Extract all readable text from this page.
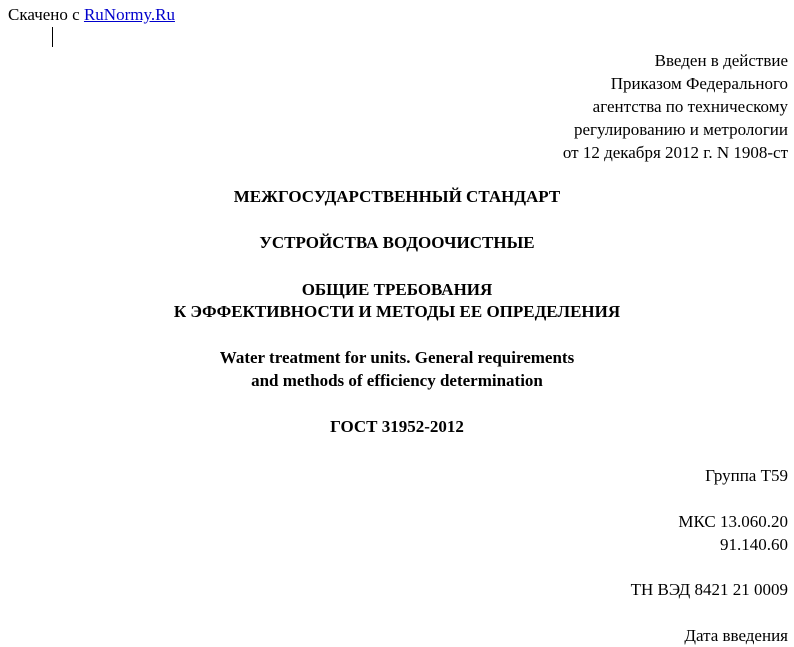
Скачено с RuNormy.Ru
Введен в действие
Приказом Федерального
агентства по техническому
регулированию и метрологии
от 12 декабря 2012 г. N 1908-ст
МЕЖГОСУДАРСТВЕННЫЙ СТАНДАРТ
УСТРОЙСТВА ВОДООЧИСТНЫЕ
ОБЩИЕ ТРЕБОВАНИЯ
К ЭФФЕКТИВНОСТИ И МЕТОДЫ ЕЕ ОПРЕДЕЛЕНИЯ
Water treatment for units. General requirements
and methods of efficiency determination
ГОСТ 31952-2012
Группа Т59
МКС 13.060.20
91.140.60
ТН ВЭД 8421 21 0009
Дата введения
